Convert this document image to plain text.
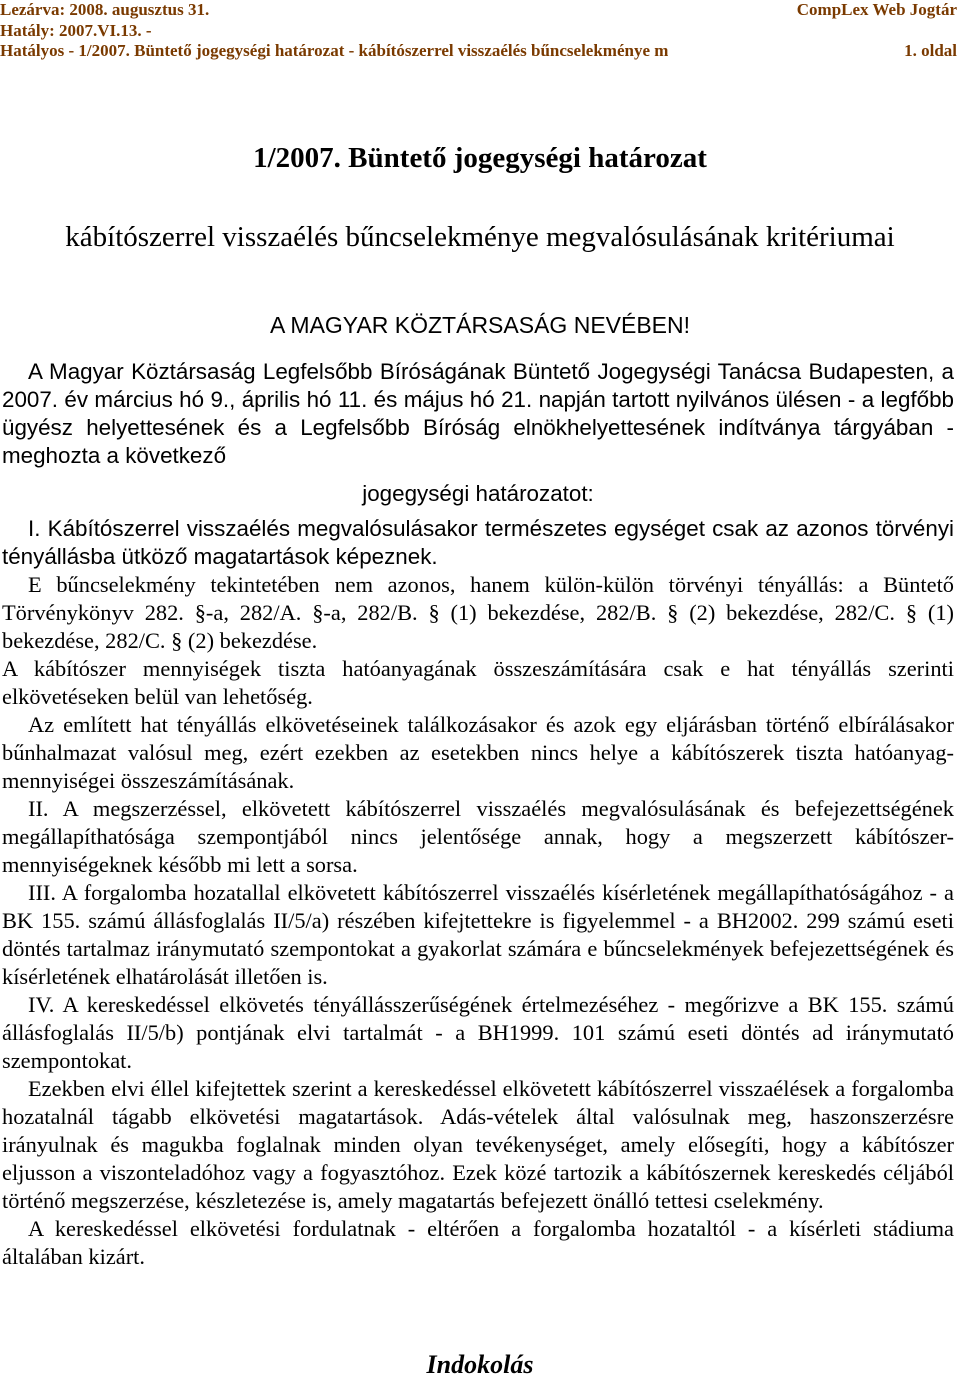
Lezárva: 2008. augusztus 31.	CompLex Web Jogtár
Hatály: 2007.VI.13. -
Hatályos - 1/2007. Büntető jogegységi határozat - kábítószerrel visszaélés bűncselekménye m	1. oldal
1/2007. Büntető jogegységi határozat
kábítószerrel visszaélés bűncselekménye megvalósulásának kritériumai
A MAGYAR KÖZTÁRSASÁG NEVÉBEN!

A Magyar Köztársaság Legfelsőbb Bíróságának Büntető Jogegységi Tanácsa Budapesten, a 2007. év március hó 9., április hó 11. és május hó 21. napján tartott nyilvános ülésen - a legfőbb ügyész helyettesének és a Legfelsőbb Bíróság elnökhelyettesének indítványa tárgyában - meghozta a következő

jogegységi határozatot:

I. Kábítószerrel visszaélés megvalósulásakor természetes egységet csak az azonos törvényi tényállásba ütköző magatartások képeznek.

E bűncselekmény tekintetében nem azonos, hanem külön-külön törvényi tényállás: a Büntető Törvénykönyv 282. §-a, 282/A. §-a, 282/B. § (1) bekezdése, 282/B. § (2) bekezdése, 282/C. § (1) bekezdése, 282/C. § (2) bekezdése.

A kábítószer mennyiségek tiszta hatóanyagának összeszámítására csak e hat tényállás szerinti elkövetéseken belül van lehetőség.

Az említett hat tényállás elkövetéseinek találkozásakor és azok egy eljárásban történő elbírálásakor bűnhalmazat valósul meg, ezért ezekben az esetekben nincs helye a kábítószerek tiszta hatóanyag-mennyiségei összeszámításának.

II. A megszerzéssel, elkövetett kábítószerrel visszaélés megvalósulásának és befejezettségének megállapíthatósága szempontjából nincs jelentősége annak, hogy a megszerzett kábítószer-mennyiségeknek később mi lett a sorsa.

III. A forgalomba hozatallal elkövetett kábítószerrel visszaélés kísérletének megállapíthatóságához - a BK 155. számú állásfoglalás II/5/a) részében kifejtettekre is figyelemmel - a BH2002. 299 számú eseti döntés tartalmaz iránymutató szempontokat a gyakorlat számára e bűncselekmények befejezettségének és kísérletének elhatárolását illetően is.

IV. A kereskedéssel elkövetés tényállásszerűségének értelmezéséhez - megőrizve a BK 155. számú állásfoglalás II/5/b) pontjának elvi tartalmát - a BH1999. 101 számú eseti döntés ad iránymutató szempontokat.

Ezekben elvi éllel kifejtettek szerint a kereskedéssel elkövetett kábítószerrel visszaélések a forgalomba hozatalnál tágabb elkövetési magatartások. Adás-vételek által valósulnak meg, haszonszerzésre irányulnak és magukba foglalnak minden olyan tevékenységet, amely elősegíti, hogy a kábítószer eljusson a viszonteladóhoz vagy a fogyasztóhoz. Ezek közé tartozik a kábítószernek kereskedés céljából történő megszerzése, készletezése is, amely magatartás befejezett önálló tettesi cselekmény.

A kereskedéssel elkövetési fordulatnak - eltérően a forgalomba hozataltól - a kísérleti stádiuma általában kizárt.

Indokolás
